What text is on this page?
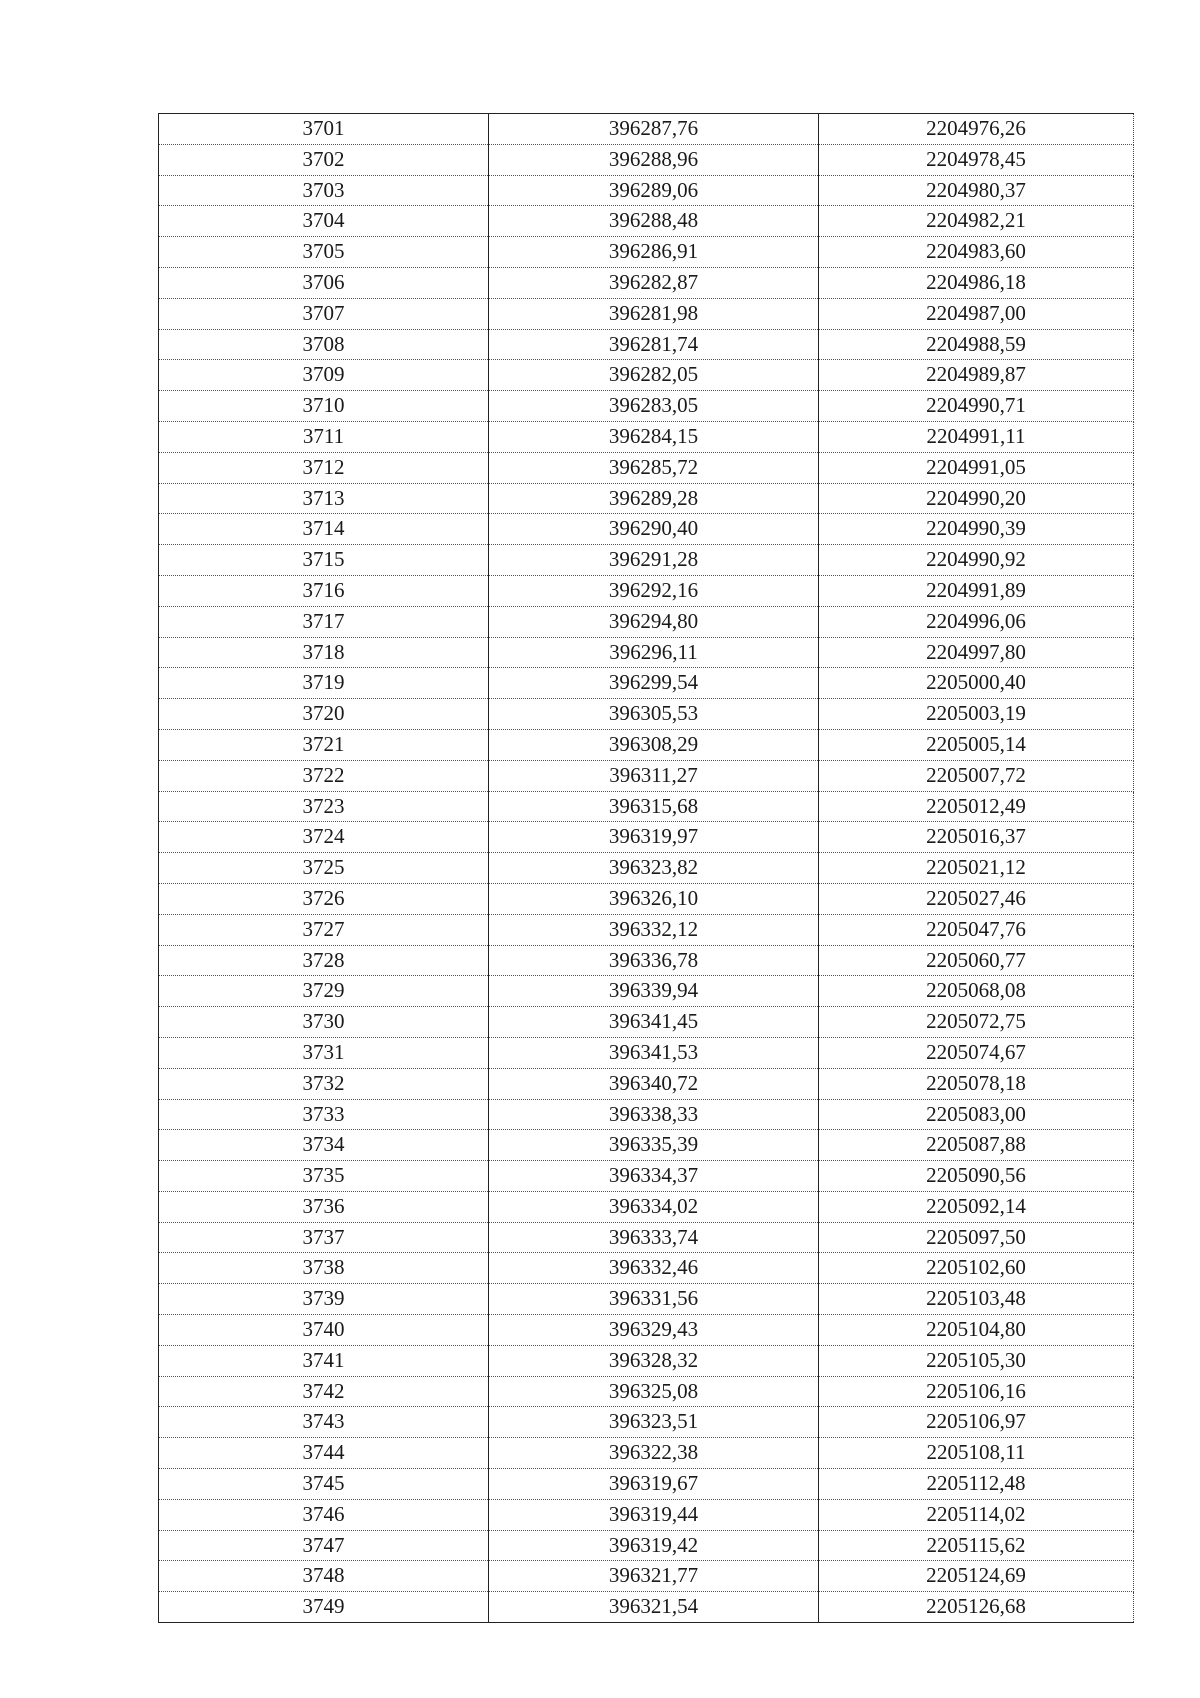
3701	396287,76	2204976,26
3702	396288,96	2204978,45
3703	396289,06	2204980,37
3704	396288,48	2204982,21
3705	396286,91	2204983,60
3706	396282,87	2204986,18
3707	396281,98	2204987,00
3708	396281,74	2204988,59
3709	396282,05	2204989,87
3710	396283,05	2204990,71
3711	396284,15	2204991,11
3712	396285,72	2204991,05
3713	396289,28	2204990,20
3714	396290,40	2204990,39
3715	396291,28	2204990,92
3716	396292,16	2204991,89
3717	396294,80	2204996,06
3718	396296,11	2204997,80
3719	396299,54	2205000,40
3720	396305,53	2205003,19
3721	396308,29	2205005,14
3722	396311,27	2205007,72
3723	396315,68	2205012,49
3724	396319,97	2205016,37
3725	396323,82	2205021,12
3726	396326,10	2205027,46
3727	396332,12	2205047,76
3728	396336,78	2205060,77
3729	396339,94	2205068,08
3730	396341,45	2205072,75
3731	396341,53	2205074,67
3732	396340,72	2205078,18
3733	396338,33	2205083,00
3734	396335,39	2205087,88
3735	396334,37	2205090,56
3736	396334,02	2205092,14
3737	396333,74	2205097,50
3738	396332,46	2205102,60
3739	396331,56	2205103,48
3740	396329,43	2205104,80
3741	396328,32	2205105,30
3742	396325,08	2205106,16
3743	396323,51	2205106,97
3744	396322,38	2205108,11
3745	396319,67	2205112,48
3746	396319,44	2205114,02
3747	396319,42	2205115,62
3748	396321,77	2205124,69
3749	396321,54	2205126,68
